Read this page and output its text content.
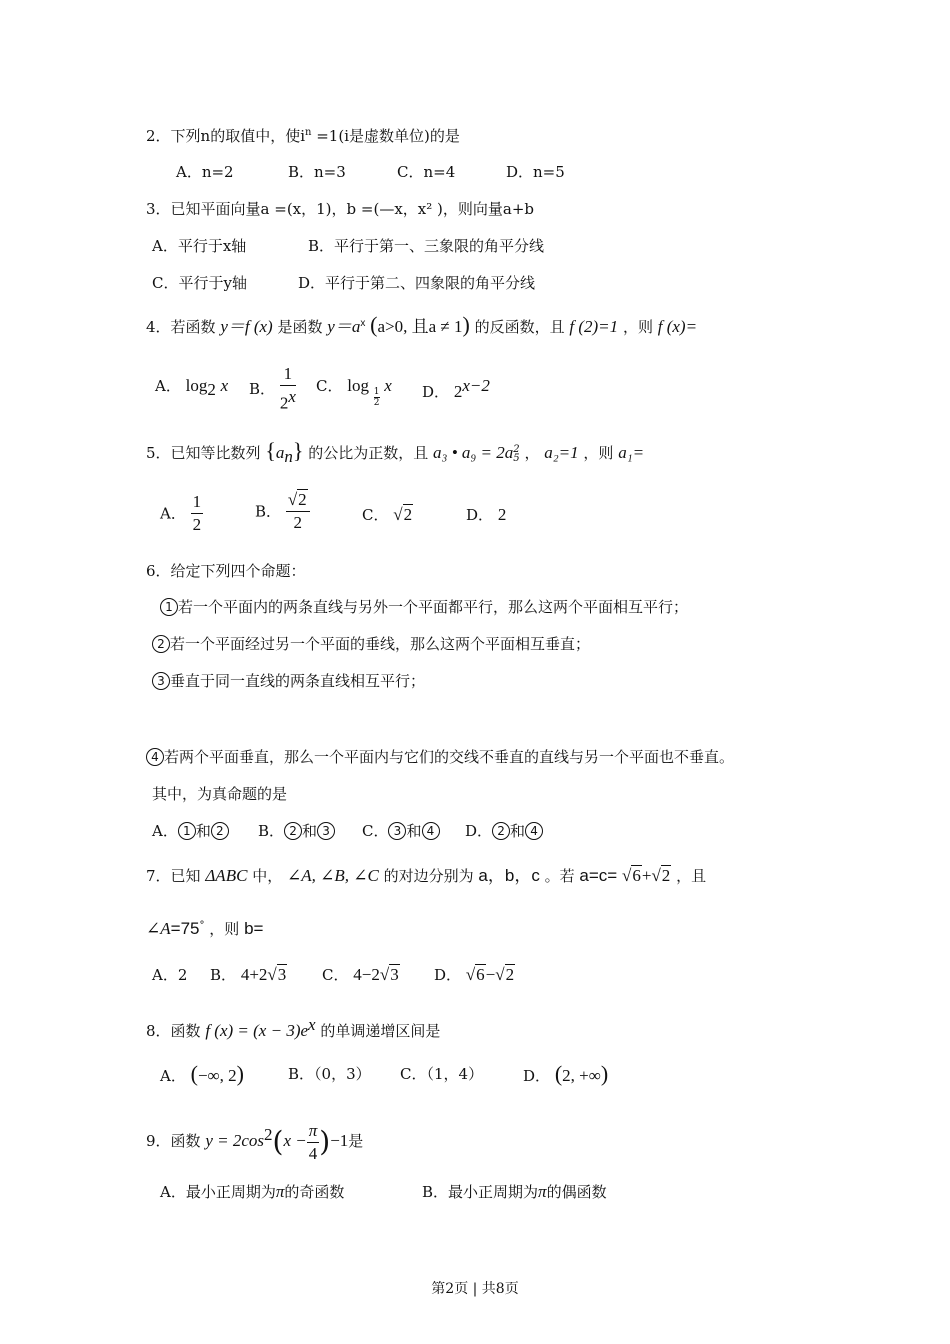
2．下列n的取值中，使$i^n =1(i$是虚数单位)的是
A．n=2	B．n=3	C．n=4	D．n=5
3．已知平面向量a =(x，1)，b =(—x，x² )，则向量a+b
A．平行于x轴	B．平行于第一、三象限的角平分线
C．平行于y轴	D．平行于第二、四象限的角平分线
4．若函数 y＝f (x) 是函数 $y=a^x$ (a>0, 且a ≠ 1) 的反函数，且 f (2)=1 ，则 f (x)=
A． $\log_2 x$ B． $\frac{1}{2^x}$ C． log
$\frac{1}{2}$
x D． $2^{x-2}$
5．已知等比数列 $\{a_n\}$ 的公比为正数，且 a₃ • a₉ = 2a 2
5 ， a₂=1 ，则 a₁=
A． $\frac{1}{2}$	B． $\frac{√2}{2}$	C． √2	D． 2
6．给定下列四个命题：
1 若一个平面内的两条直线与另外一个平面都平行，那么这两个平面相互平行；
2 若一个平面经过另一个平面的垂线，那么这两个平面相互垂直；
3 垂直于同一直线的两条直线相互平行；
4 若两个平面垂直，那么一个平面内与它们的交线不垂直的直线与另一个平面也不垂直。
其中，为真命题的是
A． 1 和 2	B． 2 和 3	C． 3 和 4	D． 2 和 4
7．已知 ΔABC 中， ∠A, ∠B, ∠C 的对边分别为 a，b，c 。若 a=c= √6+√2 ，且
∠A=75° ，则 b=
A．2 B． 4+2√3 C． 4−2√3 D． √6−√2
8．函数 f $(x) = (x - 3)e^x$ 的单调递增区间是
A． (−∞, 2)	B．（0，3） C．（1，4）	D． (2, +∞)
9．函数 $y = 2\cos^2(x - \frac{\pi}{4} )-1$是
A．最小正周期为π的奇函数	B．最小正周期为π的偶函数
第2页 | 共8页
